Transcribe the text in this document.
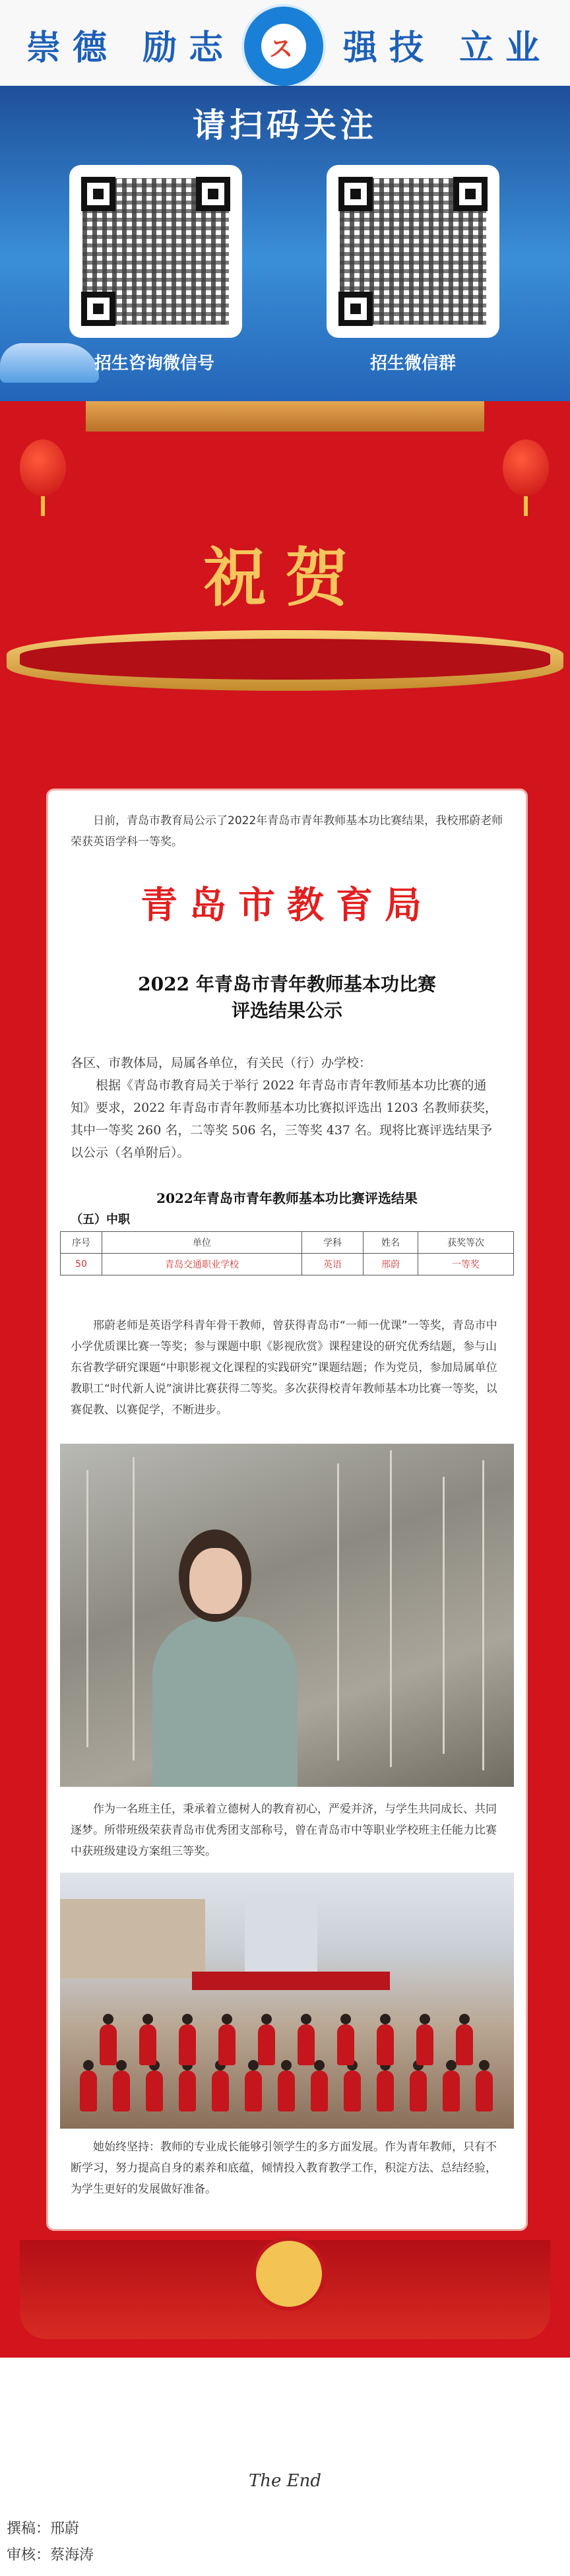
崇德 励志 ス 强技 立业
请扫码关注
招生咨询微信号	招生微信群
祝贺
日前，青岛市教育局公示了2022年青岛市青年教师基本功比赛结果，我校邢蔚老师荣获英语学科一等奖。
青岛市教育局
2022 年青岛市青年教师基本功比赛
评选结果公示
各区、市教体局，局属各单位，有关民（行）办学校：
根据《青岛市教育局关于举行 2022 年青岛市青年教师基本功比赛的通知》要求，2022 年青岛市青年教师基本功比赛拟评选出 1203 名教师获奖，其中一等奖 260 名，二等奖 506 名，三等奖 437 名。现将比赛评选结果予以公示（名单附后）。
2022年青岛市青年教师基本功比赛评选结果
（五）中职
序号	单位	学科	姓名	获奖等次
50	青岛交通职业学校	英语	邢蔚	一等奖
邢蔚老师是英语学科青年骨干教师，曾获得青岛市“一师一优课”一等奖，青岛市中小学优质课比赛一等奖；参与课题中职《影视欣赏》课程建设的研究优秀结题，参与山东省教学研究课题“中职影视文化课程的实践研究”课题结题；作为党员，参加局属单位教职工“时代新人说”演讲比赛获得二等奖。多次获得校青年教师基本功比赛一等奖，以赛促教、以赛促学，不断进步。
作为一名班主任，秉承着立德树人的教育初心，严爱并济，与学生共同成长、共同逐梦。所带班级荣获青岛市优秀团支部称号，曾在青岛市中等职业学校班主任能力比赛中获班级建设方案组三等奖。
她始终坚持：教师的专业成长能够引领学生的多方面发展。作为青年教师，只有不断学习，努力提高自身的素养和底蕴，倾情投入教育教学工作，积淀方法、总结经验，为学生更好的发展做好准备。
The End
撰稿：邢蔚
审核：蔡海涛
